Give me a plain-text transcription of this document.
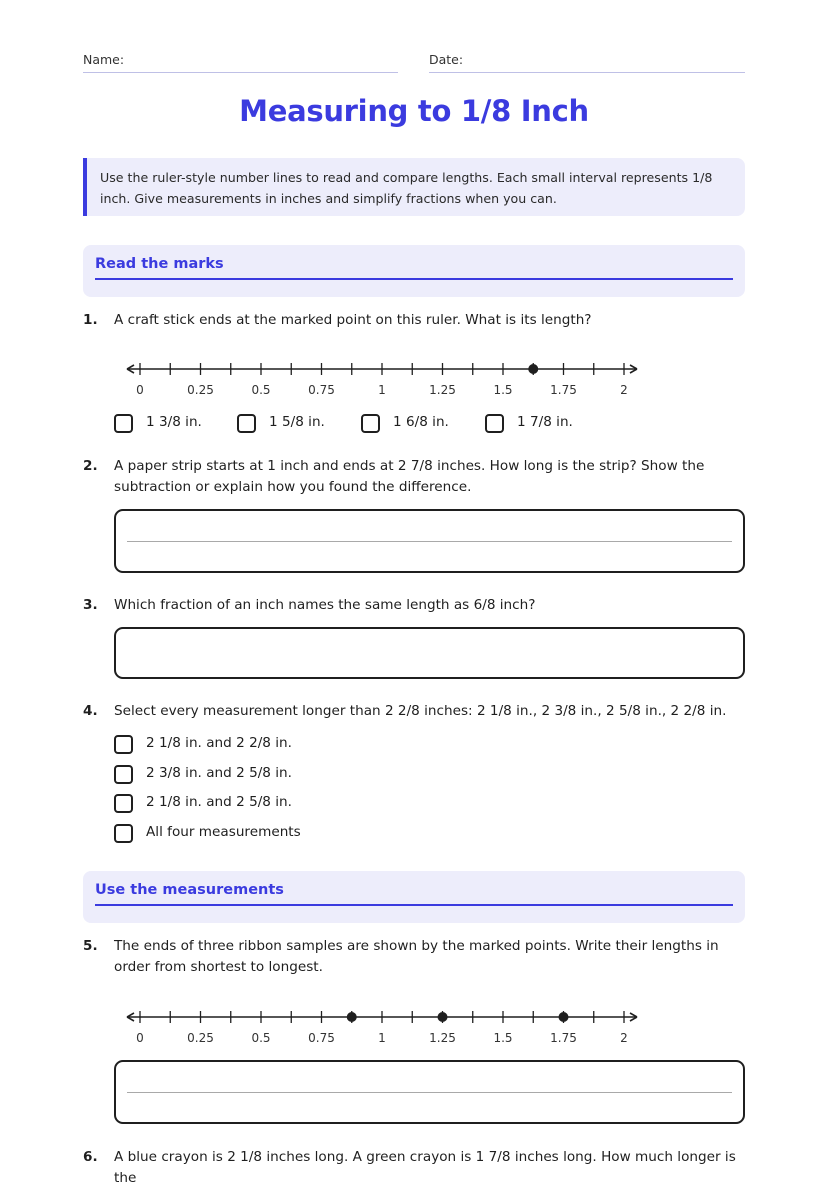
Name:	Date:
Measuring to 1/8 Inch
Use the ruler-style number lines to read and compare lengths. Each small interval represents 1/8 inch. Give measurements in inches and simplify fractions when you can.
Read the marks
1. A craft stick ends at the marked point on this ruler. What is its length?
0	0.25	0.5	0.75	1	1.25	1.5	1.75	2
1 3/8 in.	1 5/8 in.	1 6/8 in.	1 7/8 in.
2. A paper strip starts at 1 inch and ends at 2 7/8 inches. How long is the strip? Show the subtraction or explain how you found the difference.
3. Which fraction of an inch names the same length as 6/8 inch?
4. Select every measurement longer than 2 2/8 inches: 2 1/8 in., 2 3/8 in., 2 5/8 in., 2 2/8 in.
2 1/8 in. and 2 2/8 in.
2 3/8 in. and 2 5/8 in.
2 1/8 in. and 2 5/8 in.
All four measurements
Use the measurements
5. The ends of three ribbon samples are shown by the marked points. Write their lengths in order from shortest to longest.
0	0.25	0.5	0.75	1	1.25	1.5	1.75	2
6. A blue crayon is 2 1/8 inches long. A green crayon is 1 7/8 inches long. How much longer is the
